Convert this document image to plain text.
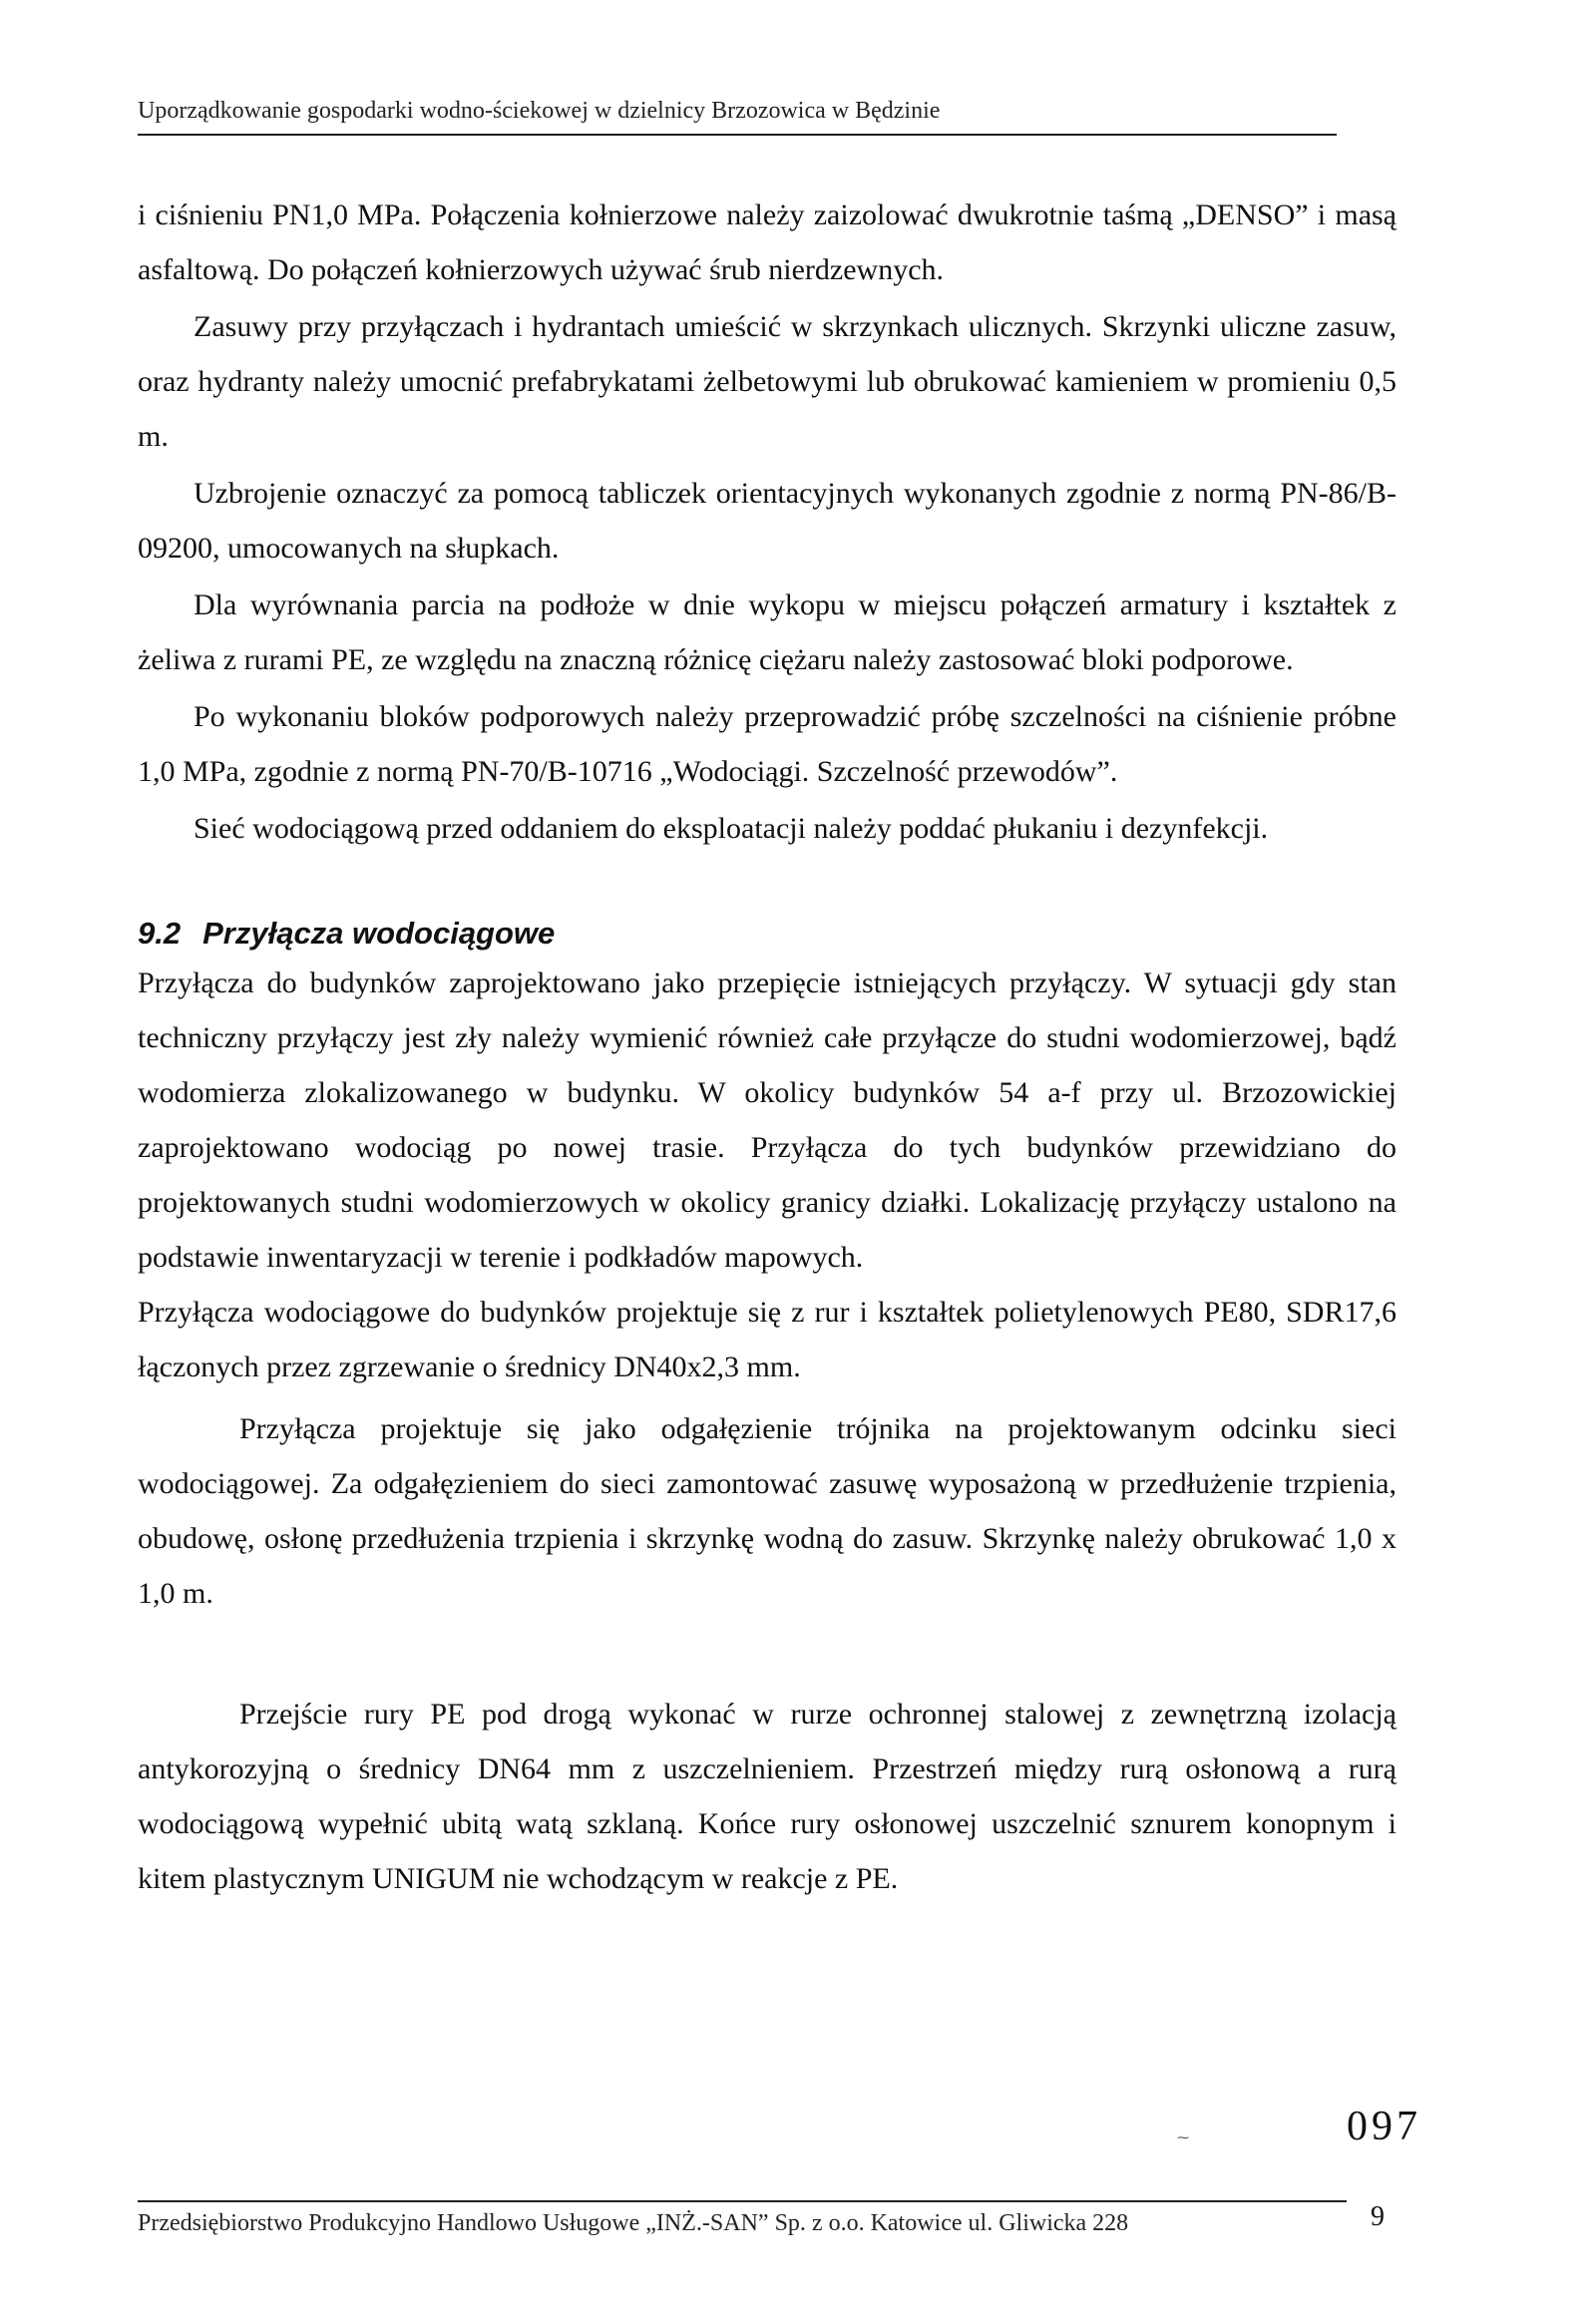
Uporządkowanie gospodarki wodno-ściekowej w dzielnicy Brzozowica w Będzinie

i ciśnieniu PN1,0 MPa. Połączenia kołnierzowe należy zaizolować dwukrotnie taśmą „DENSO” i masą asfaltową. Do połączeń kołnierzowych używać śrub nierdzewnych.

Zasuwy przy przyłączach i hydrantach umieścić w skrzynkach ulicznych. Skrzynki uliczne zasuw, oraz hydranty należy umocnić prefabrykatami żelbetowymi lub obrukować kamieniem w promieniu 0,5 m.

Uzbrojenie oznaczyć za pomocą tabliczek orientacyjnych wykonanych zgodnie z normą PN-86/B-09200, umocowanych na słupkach.

Dla wyrównania parcia na podłoże w dnie wykopu w miejscu połączeń armatury i kształtek z żeliwa z rurami PE, ze względu na znaczną różnicę ciężaru należy zastosować bloki podporowe.

Po wykonaniu bloków podporowych należy przeprowadzić próbę szczelności na ciśnienie próbne 1,0 MPa, zgodnie z normą PN-70/B-10716 „Wodociągi. Szczelność przewodów”.

Sieć wodociągową przed oddaniem do eksploatacji należy poddać płukaniu i dezynfekcji.

9.2 Przyłącza wodociągowe

Przyłącza do budynków zaprojektowano jako przepięcie istniejących przyłączy. W sytuacji gdy stan techniczny przyłączy jest zły należy wymienić również całe przyłącze do studni wodomierzowej, bądź wodomierza zlokalizowanego w budynku. W okolicy budynków 54 a-f przy ul. Brzozowickiej zaprojektowano wodociąg po nowej trasie. Przyłącza do tych budynków przewidziano do projektowanych studni wodomierzowych w okolicy granicy działki. Lokalizację przyłączy ustalono na podstawie inwentaryzacji w terenie i podkładów mapowych.

Przyłącza wodociągowe do budynków projektuje się z rur i kształtek polietylenowych PE80, SDR17,6 łączonych przez zgrzewanie o średnicy DN40x2,3 mm.

Przyłącza projektuje się jako odgałęzienie trójnika na projektowanym odcinku sieci wodociągowej. Za odgałęzieniem do sieci zamontować zasuwę wyposażoną w przedłużenie trzpienia, obudowę, osłonę przedłużenia trzpienia i skrzynkę wodną do zasuw. Skrzynkę należy obrukować 1,0 x 1,0 m.

Przejście rury PE pod drogą wykonać w rurze ochronnej stalowej z zewnętrzną izolacją antykorozyjną o średnicy DN64 mm z uszczelnieniem. Przestrzeń między rurą osłonową a rurą wodociągową wypełnić ubitą watą szklaną. Końce rury osłonowej uszczelnić sznurem konopnym i kitem plastycznym UNIGUM nie wchodzącym w reakcje z PE.

⁓	097
Przedsiębiorstwo Produkcyjno Handlowo Usługowe „INŻ.-SAN” Sp. z o.o. Katowice ul. Gliwicka 228	9
